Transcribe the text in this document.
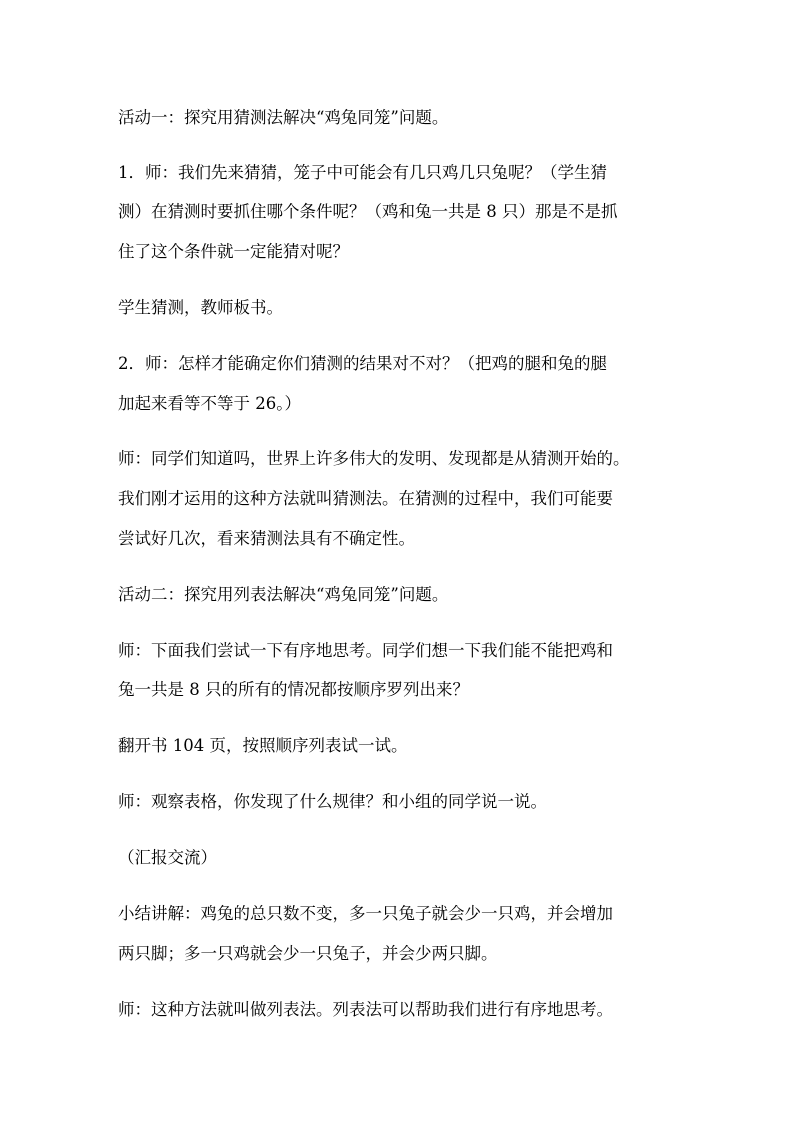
活动一：探究用猜测法解决“鸡兔同笼”问题。
1．师：我们先来猜猜，笼子中可能会有几只鸡几只兔呢？（学生猜
测）在猜测时要抓住哪个条件呢？（鸡和兔一共是 8 只）那是不是抓
住了这个条件就一定能猜对呢？
学生猜测，教师板书。
2．师：怎样才能确定你们猜测的结果对不对？（把鸡的腿和兔的腿
加起来看等不等于 26。）
师：同学们知道吗，世界上许多伟大的发明、发现都是从猜测开始的。
我们刚才运用的这种方法就叫猜测法。在猜测的过程中，我们可能要
尝试好几次，看来猜测法具有不确定性。
活动二：探究用列表法解决“鸡兔同笼”问题。
师：下面我们尝试一下有序地思考。同学们想一下我们能不能把鸡和
兔一共是 8 只的所有的情况都按顺序罗列出来？
翻开书 104 页，按照顺序列表试一试。
师：观察表格，你发现了什么规律？和小组的同学说一说。
（汇报交流）
小结讲解：鸡兔的总只数不变，多一只兔子就会少一只鸡，并会增加
两只脚；多一只鸡就会少一只兔子，并会少两只脚。
师：这种方法就叫做列表法。列表法可以帮助我们进行有序地思考。
